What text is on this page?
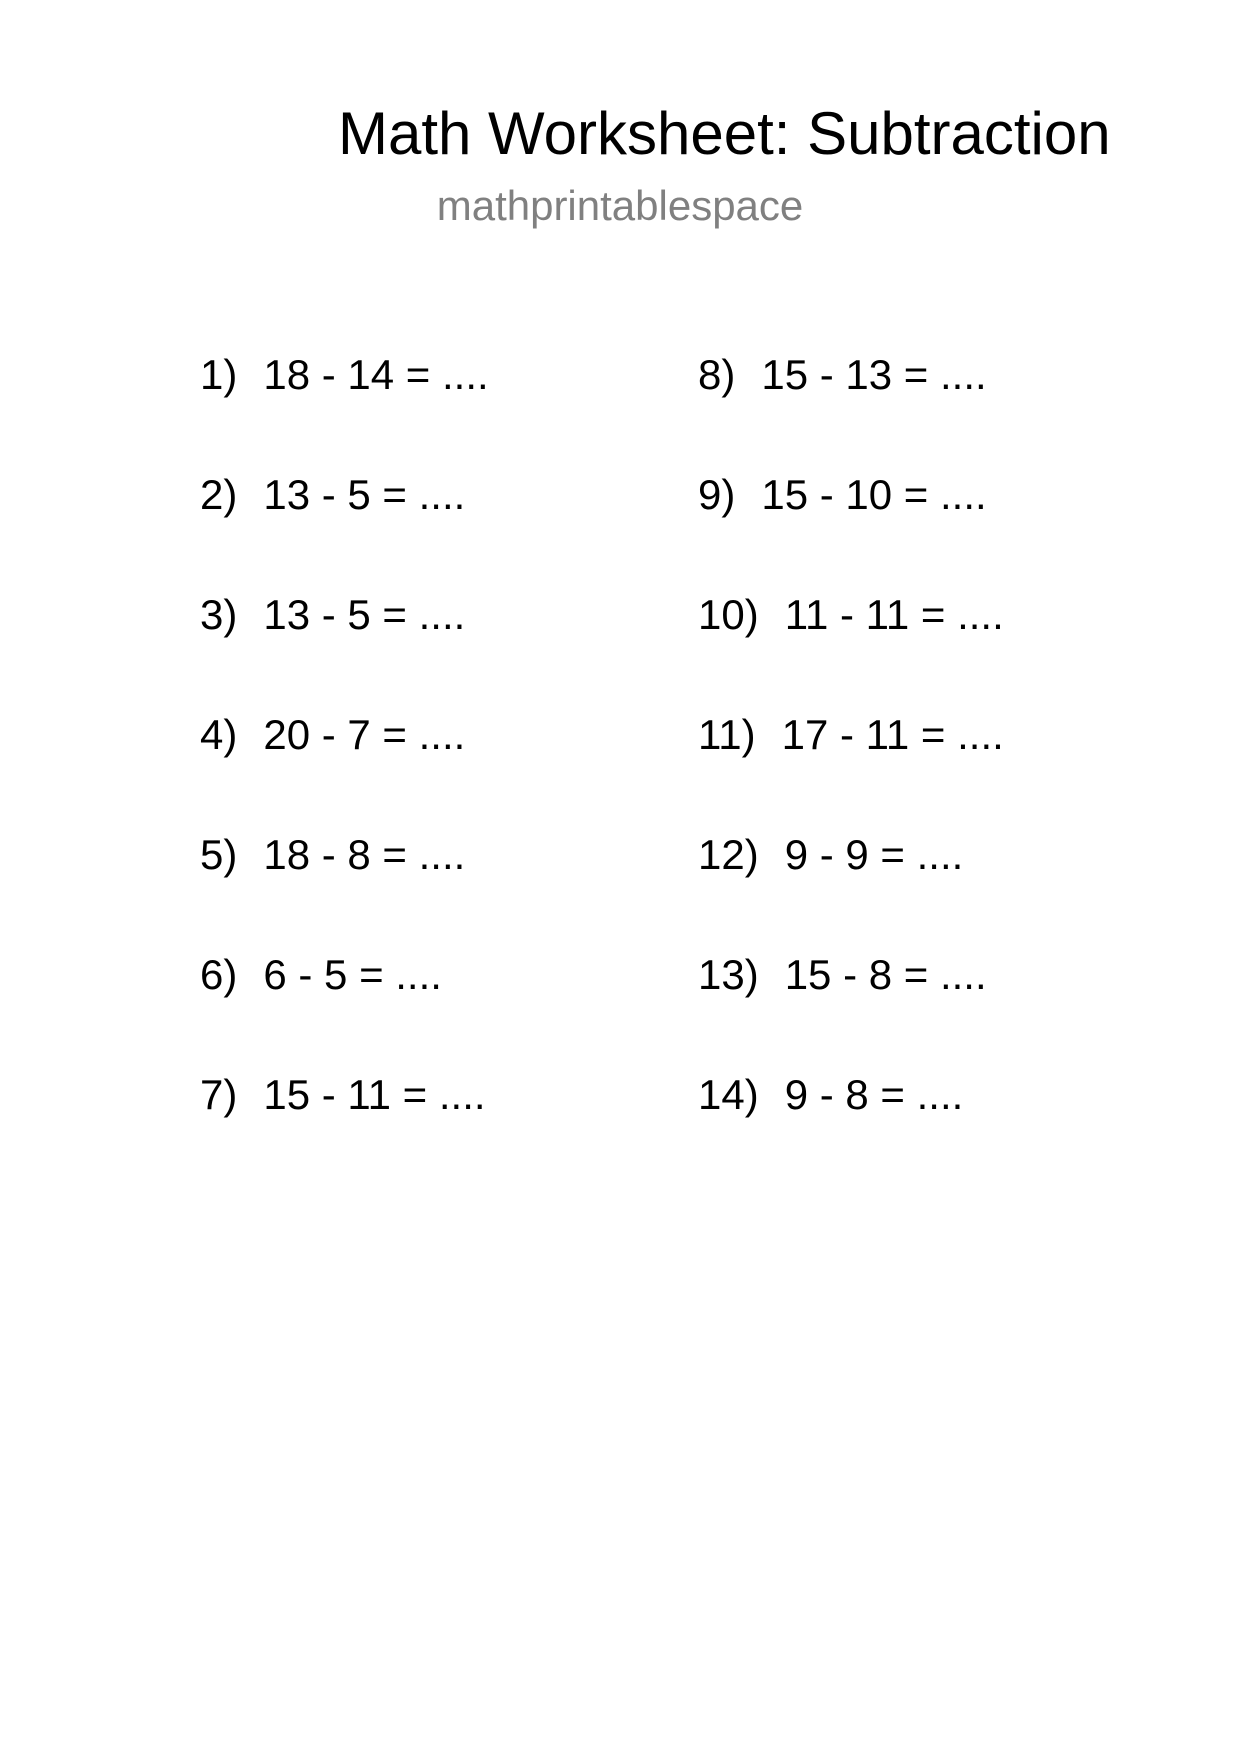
Math Worksheet: Subtraction
mathprintablespace
1) 18 - 14 = ....
2) 13 - 5 = ....
3) 13 - 5 = ....
4) 20 - 7 = ....
5) 18 - 8 = ....
6) 6 - 5 = ....
7) 15 - 11 = ....
8) 15 - 13 = ....
9) 15 - 10 = ....
10) 11 - 11 = ....
11) 17 - 11 = ....
12) 9 - 9 = ....
13) 15 - 8 = ....
14) 9 - 8 = ....
